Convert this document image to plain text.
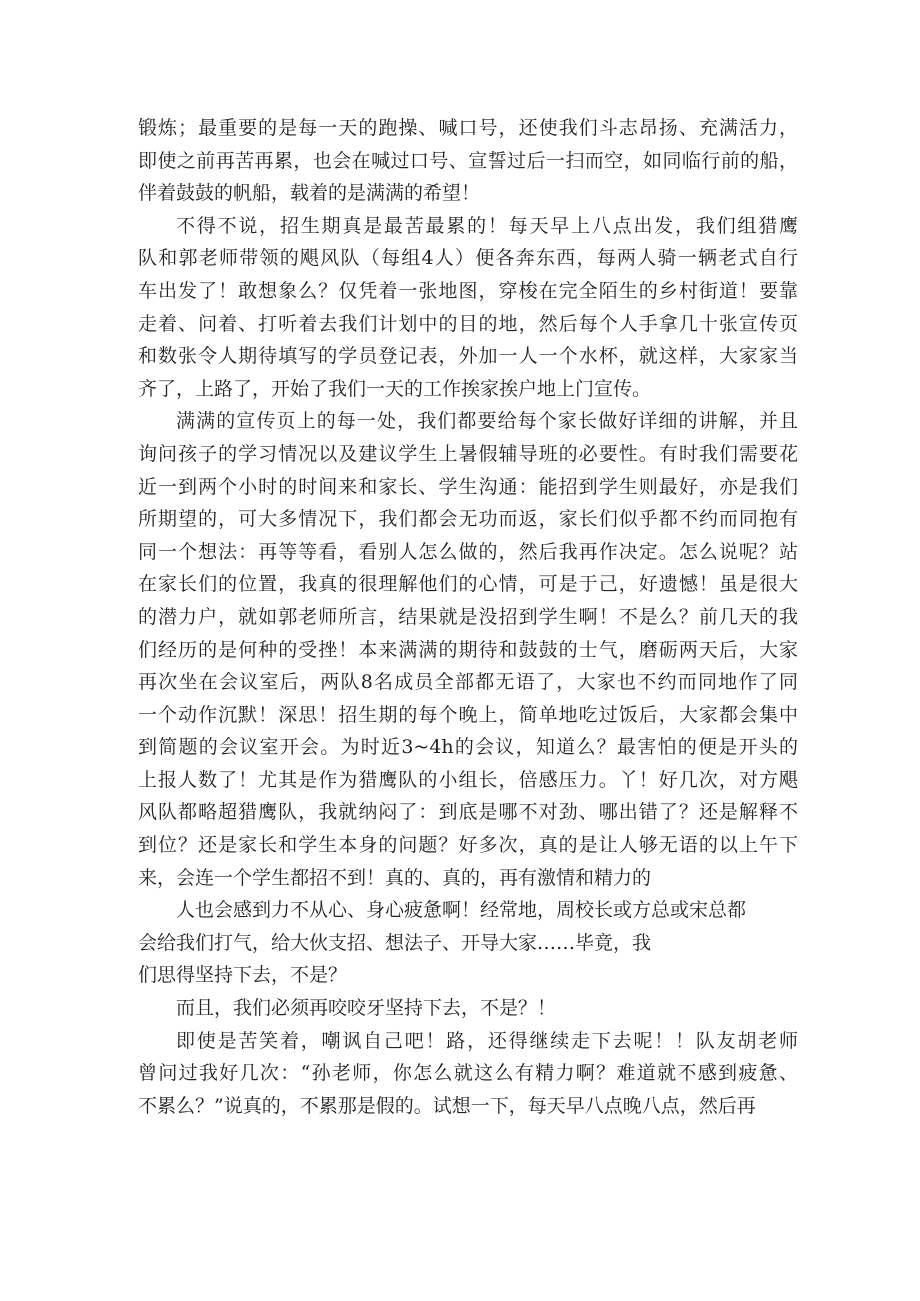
锻炼；最重要的是每一天的跑操、喊口号，还使我们斗志昂扬、充满活力，
即使之前再苦再累，也会在喊过口号、宣誓过后一扫而空，如同临行前的船，
伴着鼓鼓的帆船，载着的是满满的希望！
不得不说，招生期真是最苦最累的！每天早上八点出发，我们组猎鹰
队和郭老师带领的飓风队（每组4人）便各奔东西，每两人骑一辆老式自行
车出发了！敢想象么？仅凭着一张地图，穿梭在完全陌生的乡村街道！要靠
走着、问着、打听着去我们计划中的目的地，然后每个人手拿几十张宣传页
和数张令人期待填写的学员登记表，外加一人一个水杯，就这样，大家家当
齐了，上路了，开始了我们一天的工作挨家挨户地上门宣传。
满满的宣传页上的每一处，我们都要给每个家长做好详细的讲解，并且
询问孩子的学习情况以及建议学生上暑假辅导班的必要性。有时我们需要花
近一到两个小时的时间来和家长、学生沟通：能招到学生则最好，亦是我们
所期望的，可大多情况下，我们都会无功而返，家长们似乎都不约而同抱有
同一个想法：再等等看，看别人怎么做的，然后我再作决定。怎么说呢？站
在家长们的位置，我真的很理解他们的心情，可是于己，好遗憾！虽是很大
的潜力户，就如郭老师所言，结果就是没招到学生啊！不是么？前几天的我
们经历的是何种的受挫！本来满满的期待和鼓鼓的士气，磨砺两天后，大家
再次坐在会议室后，两队8名成员全部都无语了，大家也不约而同地作了同
一个动作沉默！深思！招生期的每个晚上，简单地吃过饭后，大家都会集中
到简题的会议室开会。为时近3~4h的会议，知道么？最害怕的便是开头的
上报人数了！尤其是作为猎鹰队的小组长，倍感压力。丫！好几次，对方飓
风队都略超猎鹰队，我就纳闷了：到底是哪不对劲、哪出错了？还是解释不
到位？还是家长和学生本身的问题？好多次，真的是让人够无语的以上午下
来，会连一个学生都招不到！真的、真的，再有激情和精力的
人也会感到力不从心、身心疲惫啊！经常地，周校长或方总或宋总都
会给我们打气，给大伙支招、想法子、开导大家……毕竟，我
们思得坚持下去，不是？
而且，我们必须再咬咬牙坚持下去，不是？！
即使是苦笑着，嘲讽自己吧！路，还得继续走下去呢！！队友胡老师
曾问过我好几次：“孙老师，你怎么就这么有精力啊？难道就不感到疲惫、
不累么？”说真的，不累那是假的。试想一下，每天早八点晚八点，然后再
